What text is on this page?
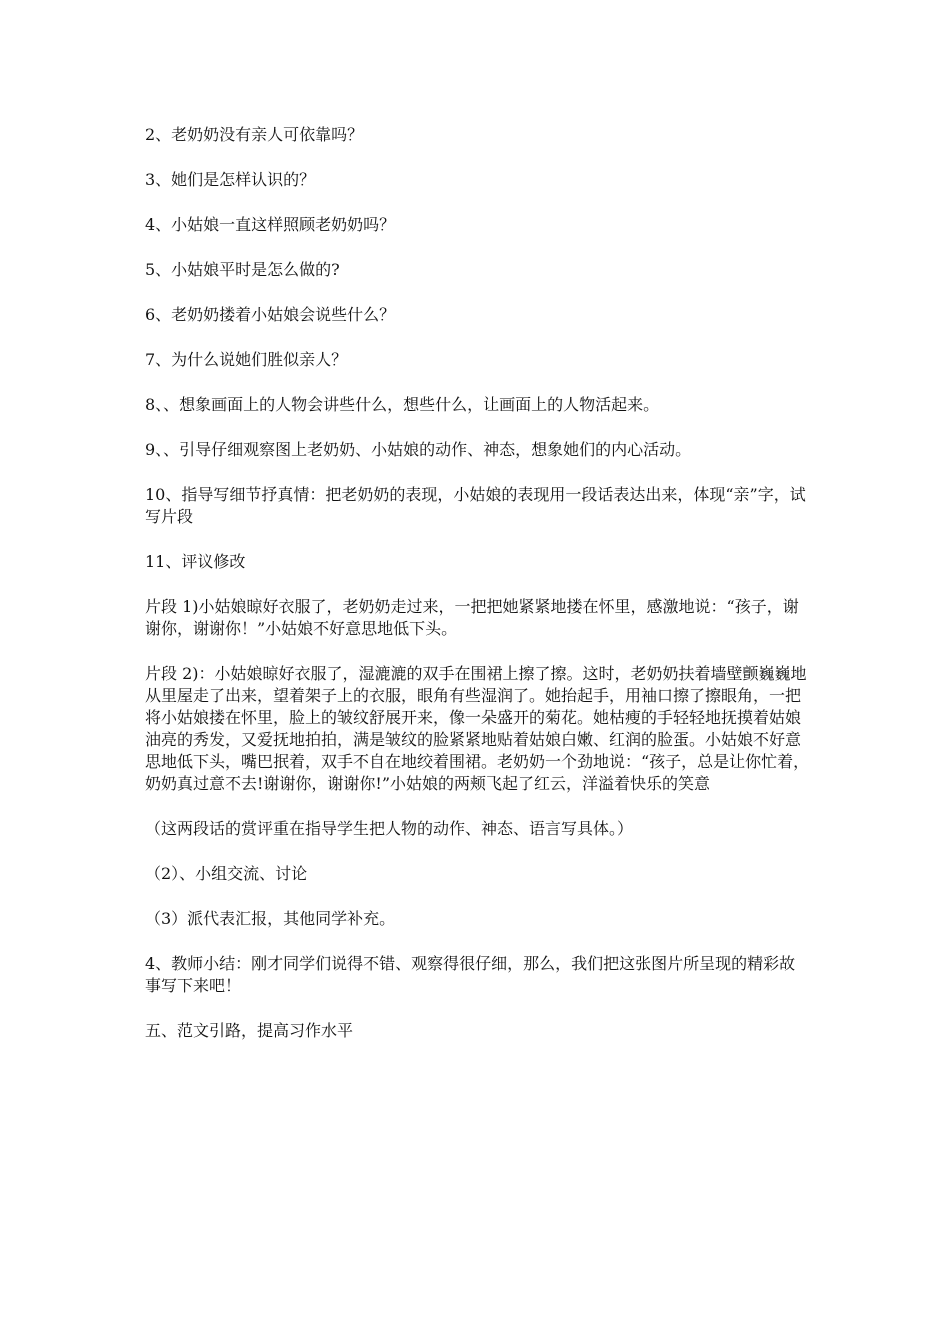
2、老奶奶没有亲人可依靠吗？

3、她们是怎样认识的？

4、小姑娘一直这样照顾老奶奶吗？

5、小姑娘平时是怎么做的?

6、老奶奶搂着小姑娘会说些什么？

7、为什么说她们胜似亲人？

8、、想象画面上的人物会讲些什么，想些什么，让画面上的人物活起来。

9、、引导仔细观察图上老奶奶、小姑娘的动作、神态，想象她们的内心活动。

10、指导写细节抒真情：把老奶奶的表现，小姑娘的表现用一段话表达出来，体现“亲”字，试写片段

11、评议修改

片段 1)小姑娘晾好衣服了，老奶奶走过来，一把把她紧紧地搂在怀里，感激地说：“孩子，谢谢你，谢谢你！”小姑娘不好意思地低下头。

片段 2)：小姑娘晾好衣服了，湿漉漉的双手在围裙上擦了擦。这时，老奶奶扶着墙壁颤巍巍地从里屋走了出来，望着架子上的衣服，眼角有些湿润了。她抬起手，用袖口擦了擦眼角，一把将小姑娘搂在怀里，脸上的皱纹舒展开来，像一朵盛开的菊花。她枯瘦的手轻轻地抚摸着姑娘油亮的秀发，又爱抚地拍拍，满是皱纹的脸紧紧地贴着姑娘白嫩、红润的脸蛋。小姑娘不好意思地低下头，嘴巴抿着，双手不自在地绞着围裙。老奶奶一个劲地说：“孩子，总是让你忙着，奶奶真过意不去!谢谢你，谢谢你!”小姑娘的两颊飞起了红云，洋溢着快乐的笑意

（这两段话的赏评重在指导学生把人物的动作、神态、语言写具体。）

（2）、小组交流、讨论

（3）派代表汇报，其他同学补充。

4、教师小结：刚才同学们说得不错、观察得很仔细，那么，我们把这张图片所呈现的精彩故事写下来吧！

五、范文引路，提高习作水平
